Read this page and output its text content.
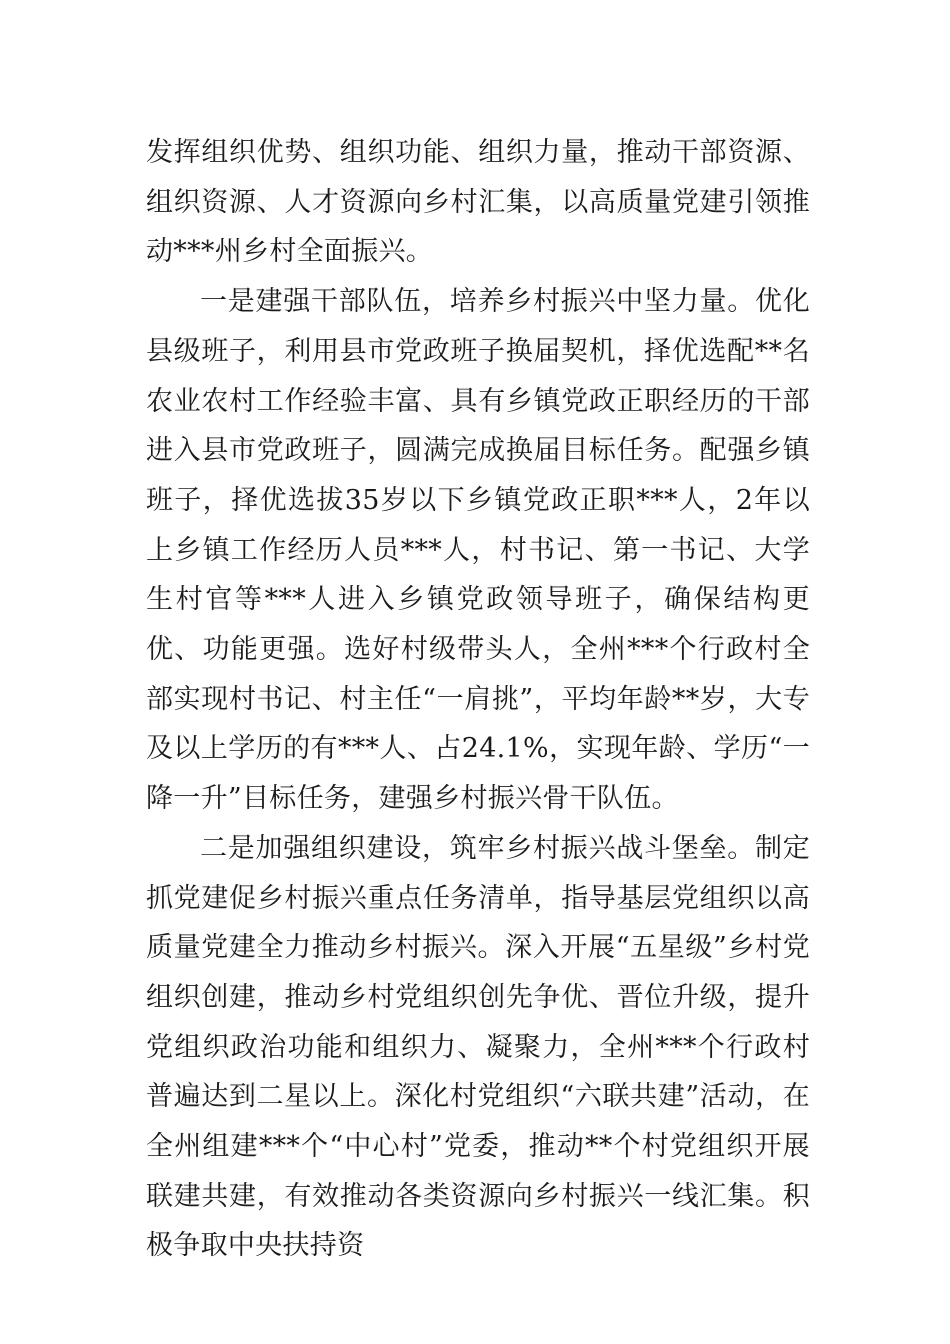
发挥组织优势、组织功能、组织力量，推动干部资源、组织资源、人才资源向乡村汇集，以高质量党建引领推动***州乡村全面振兴。

一是建强干部队伍，培养乡村振兴中坚力量。优化县级班子，利用县市党政班子换届契机，择优选配**名农业农村工作经验丰富、具有乡镇党政正职经历的干部进入县市党政班子，圆满完成换届目标任务。配强乡镇班子，择优选拔35岁以下乡镇党政正职***人，2年以上乡镇工作经历人员***人，村书记、第一书记、大学生村官等***人进入乡镇党政领导班子，确保结构更优、功能更强。选好村级带头人，全州***个行政村全部实现村书记、村主任“一肩挑”，平均年龄**岁，大专及以上学历的有***人、占24.1%，实现年龄、学历“一降一升”目标任务，建强乡村振兴骨干队伍。

二是加强组织建设，筑牢乡村振兴战斗堡垒。制定抓党建促乡村振兴重点任务清单，指导基层党组织以高质量党建全力推动乡村振兴。深入开展“五星级”乡村党组织创建，推动乡村党组织创先争优、晋位升级，提升党组织政治功能和组织力、凝聚力，全州***个行政村普遍达到二星以上。深化村党组织“六联共建”活动，在全州组建***个“中心村”党委，推动**个村党组织开展联建共建，有效推动各类资源向乡村振兴一线汇集。积极争取中央扶持资
